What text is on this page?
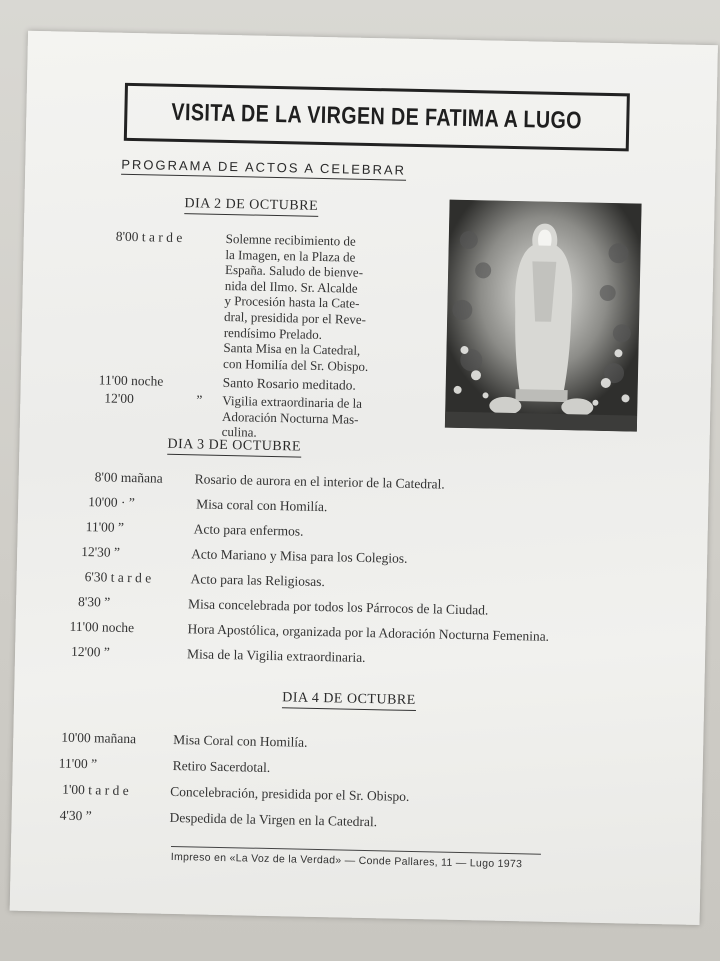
VISITA DE LA VIRGEN DE FATIMA A LUGO
PROGRAMA DE ACTOS A CELEBRAR
DIA 2 DE OCTUBRE
8'00 t a r d e	Solemne recibimiento de
la Imagen, en la Plaza de
España. Saludo de bienve-
nida del Ilmo. Sr. Alcalde
y Procesión hasta la Cate-
dral, presidida por el Reve-
rendísimo Prelado.
Santa Misa en la Catedral,
con Homilía del Sr. Obispo.
11'00 noche	Santo Rosario meditado.
12'00	” Vigilia extraordinaria de la
Adoración Nocturna Mas-
culina.
DIA 3 DE OCTUBRE
8'00 mañana Rosario de aurora en el interior de la Catedral.
10'00 · ”	Misa coral con Homilía.
11'00 ”	Acto para enfermos.
12'30 ”	Acto Mariano y Misa para los Colegios.
6'30 t a r d e	Acto para las Religiosas.
8'30 ”	Misa concelebrada por todos los Párrocos de la Ciudad.
11'00 noche	Hora Apostólica, organizada por la Adoración Nocturna Femenina.
12'00 ”	Misa de la Vigilia extraordinaria.
DIA 4 DE OCTUBRE
10'00 mañana	Misa Coral con Homilía.
11'00 ”	Retiro Sacerdotal.
1'00 t a r d e	Concelebración, presidida por el Sr. Obispo.
4'30 ”	Despedida de la Virgen en la Catedral.
Impreso en «La Voz de la Verdad» — Conde Pallares, 11 — Lugo 1973
